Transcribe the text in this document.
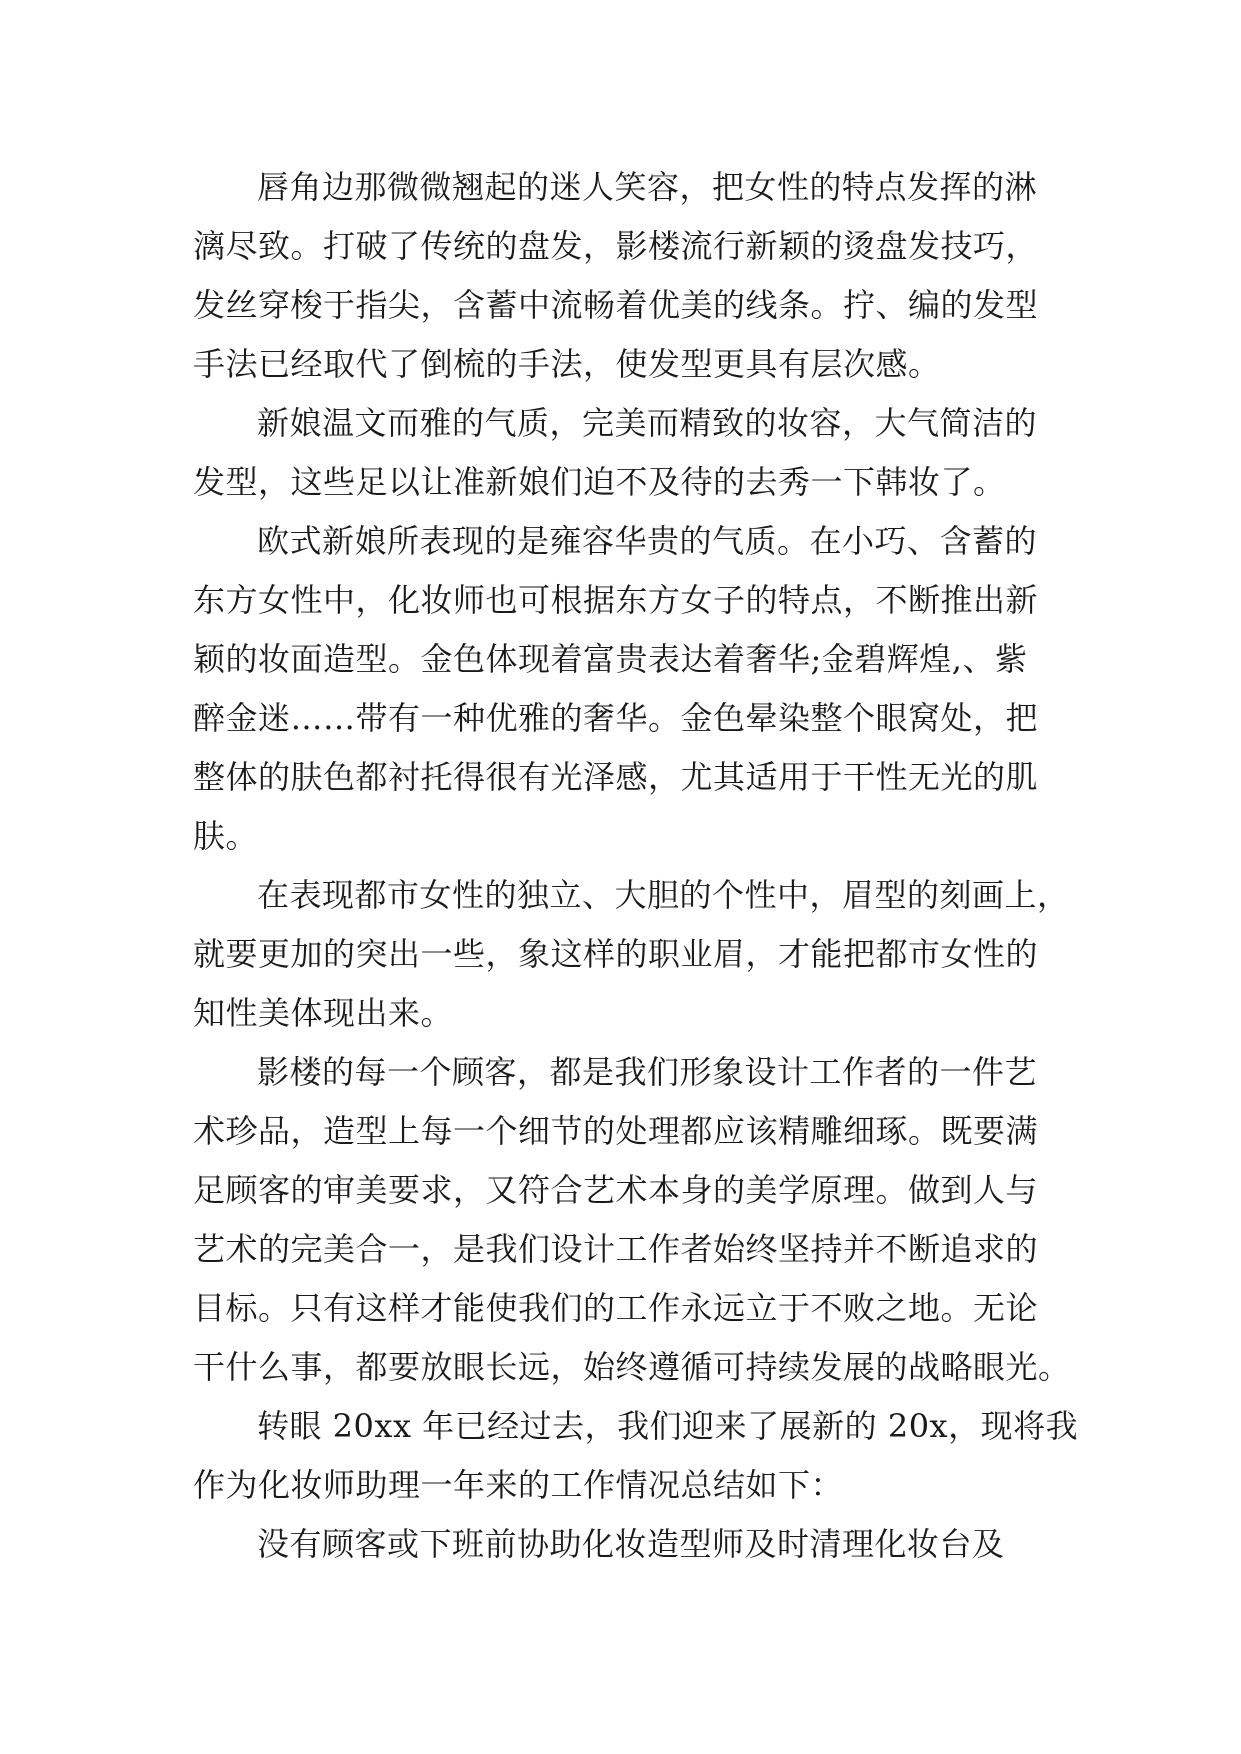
唇角边那微微翘起的迷人笑容，把女性的特点发挥的淋
漓尽致。打破了传统的盘发，影楼流行新颖的烫盘发技巧，
发丝穿梭于指尖，含蓄中流畅着优美的线条。拧、编的发型
手法已经取代了倒梳的手法，使发型更具有层次感。
新娘温文而雅的气质，完美而精致的妆容，大气简洁的
发型，这些足以让准新娘们迫不及待的去秀一下韩妆了。
欧式新娘所表现的是雍容华贵的气质。在小巧、含蓄的
东方女性中，化妆师也可根据东方女子的特点，不断推出新
颖的妆面造型。金色体现着富贵表达着奢华;金碧辉煌,、紫
醉金迷……带有一种优雅的奢华。金色晕染整个眼窝处，把
整体的肤色都衬托得很有光泽感，尤其适用于干性无光的肌
肤。
在表现都市女性的独立、大胆的个性中，眉型的刻画上，
就要更加的突出一些，象这样的职业眉，才能把都市女性的
知性美体现出来。
影楼的每一个顾客，都是我们形象设计工作者的一件艺
术珍品，造型上每一个细节的处理都应该精雕细琢。既要满
足顾客的审美要求，又符合艺术本身的美学原理。做到人与
艺术的完美合一，是我们设计工作者始终坚持并不断追求的
目标。只有这样才能使我们的工作永远立于不败之地。无论
干什么事，都要放眼长远，始终遵循可持续发展的战略眼光。
转眼 20xx 年已经过去，我们迎来了展新的 20x，现将我
作为化妆师助理一年来的工作情况总结如下：
没有顾客或下班前协助化妆造型师及时清理化妆台及
